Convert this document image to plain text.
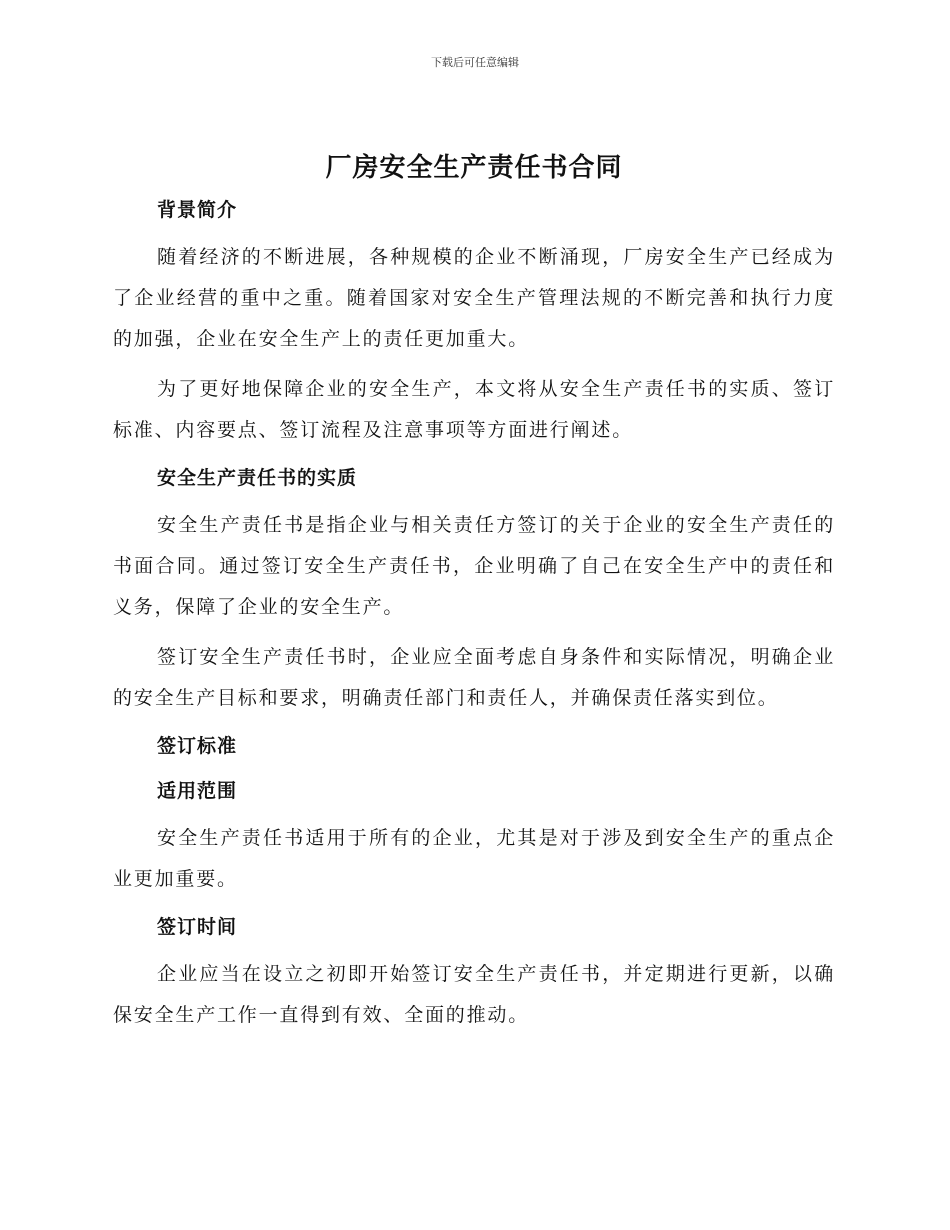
下载后可任意编辑
厂房安全生产责任书合同
背景简介
随着经济的不断进展，各种规模的企业不断涌现，厂房安全生产已经成为了企业经营的重中之重。随着国家对安全生产管理法规的不断完善和执行力度的加强，企业在安全生产上的责任更加重大。
为了更好地保障企业的安全生产，本文将从安全生产责任书的实质、签订标准、内容要点、签订流程及注意事项等方面进行阐述。
安全生产责任书的实质
安全生产责任书是指企业与相关责任方签订的关于企业的安全生产责任的书面合同。通过签订安全生产责任书，企业明确了自己在安全生产中的责任和义务，保障了企业的安全生产。
签订安全生产责任书时，企业应全面考虑自身条件和实际情况，明确企业的安全生产目标和要求，明确责任部门和责任人，并确保责任落实到位。
签订标准
适用范围
安全生产责任书适用于所有的企业，尤其是对于涉及到安全生产的重点企业更加重要。
签订时间
企业应当在设立之初即开始签订安全生产责任书，并定期进行更新，以确保安全生产工作一直得到有效、全面的推动。
